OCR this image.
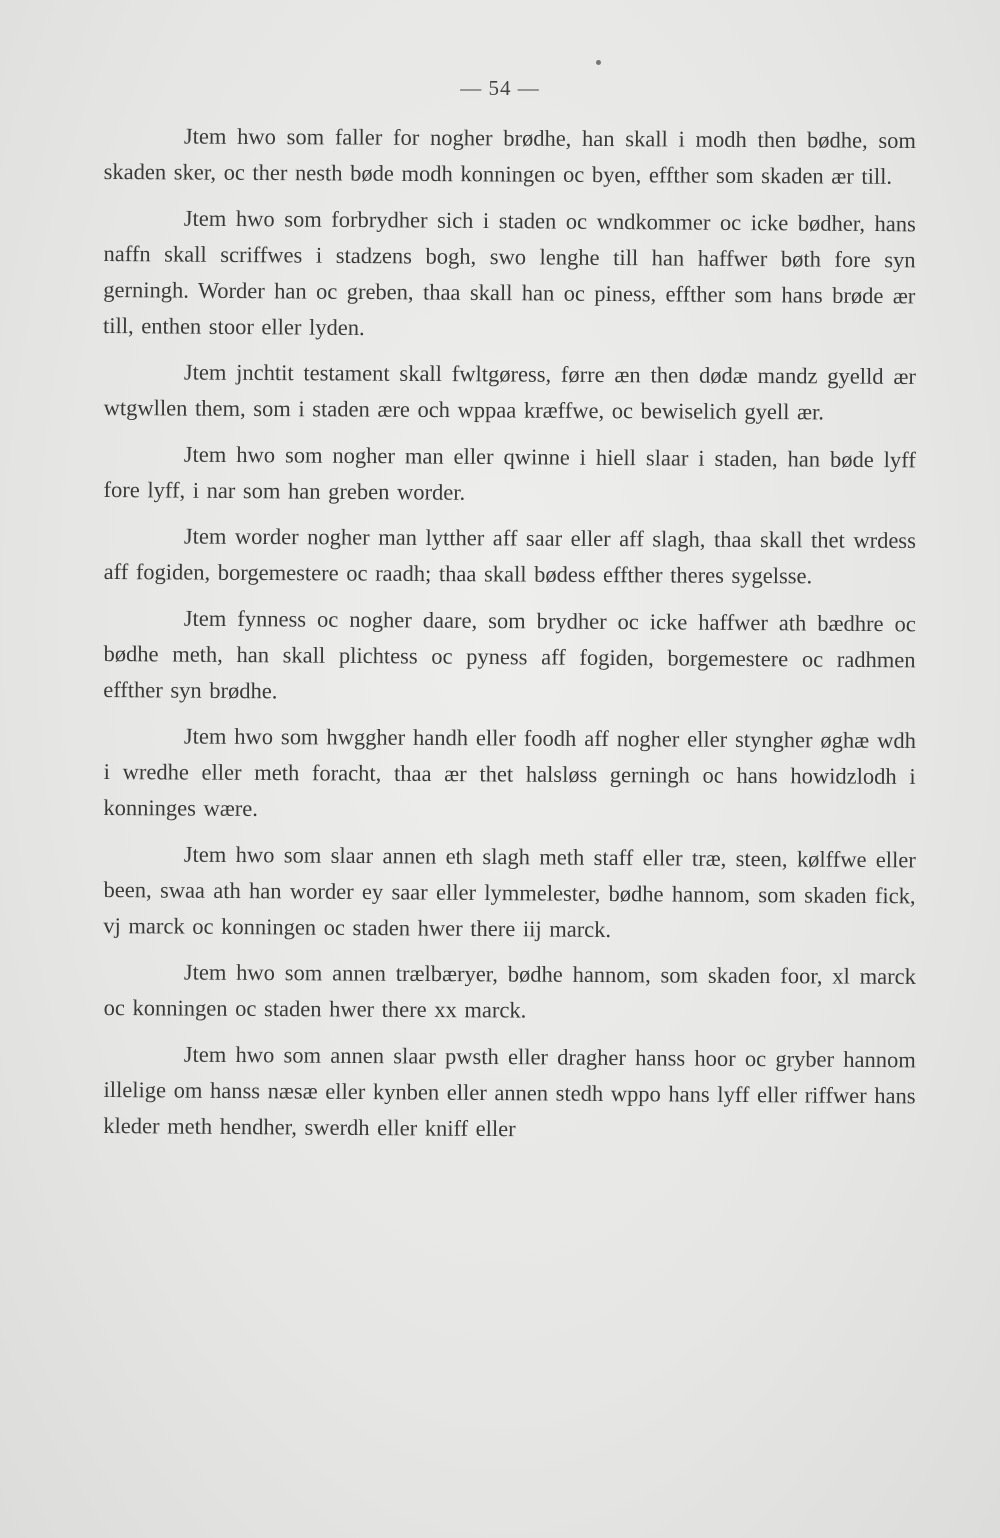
— 54 —

Jtem hwo som faller for nogher brødhe, han skall i modh then bødhe, som skaden sker, oc ther nesth bøde modh konningen oc byen, effther som skaden ær till.

Jtem hwo som forbrydher sich i staden oc wndkommer oc icke bødher, hans naffn skall scriffwes i stadzens bogh, swo lenghe till han haffwer bøth fore syn gerningh. Worder han oc greben, thaa skall han oc piness, effther som hans brøde ær till, enthen stoor eller lyden.

Jtem jnchtit testament skall fwltgøress, førre æn then dødæ mandz gyelld ær wtgwllen them, som i staden ære och wppaa kræffwe, oc bewiselich gyell ær.

Jtem hwo som nogher man eller qwinne i hiell slaar i staden, han bøde lyff fore lyff, i nar som han greben worder.

Jtem worder nogher man lytther aff saar eller aff slagh, thaa skall thet wrdess aff fogiden, borgemestere oc raadh; thaa skall bødess effther theres sygelsse.

Jtem fynness oc nogher daare, som brydher oc icke haffwer ath bædhre oc bødhe meth, han skall plichtess oc pyness aff fogiden, borgemestere oc radhmen effther syn brødhe.

Jtem hwo som hwggher handh eller foodh aff nogher eller styngher øghæ wdh i wredhe eller meth foracht, thaa ær thet halsløss gerningh oc hans howidzlodh i konninges wære.

Jtem hwo som slaar annen eth slagh meth staff eller træ, steen, kølffwe eller been, swaa ath han worder ey saar eller lymmelester, bødhe hannom, som skaden fick, vj marck oc konningen oc staden hwer there iij marck.

Jtem hwo som annen trælbæryer, bødhe hannom, som skaden foor, xl marck oc konningen oc staden hwer there xx marck.

Jtem hwo som annen slaar pwsth eller dragher hanss hoor oc gryber hannom illelige om hanss næsæ eller kynben eller annen stedh wppo hans lyff eller riffwer hans kleder meth hendher, swerdh eller kniff eller
